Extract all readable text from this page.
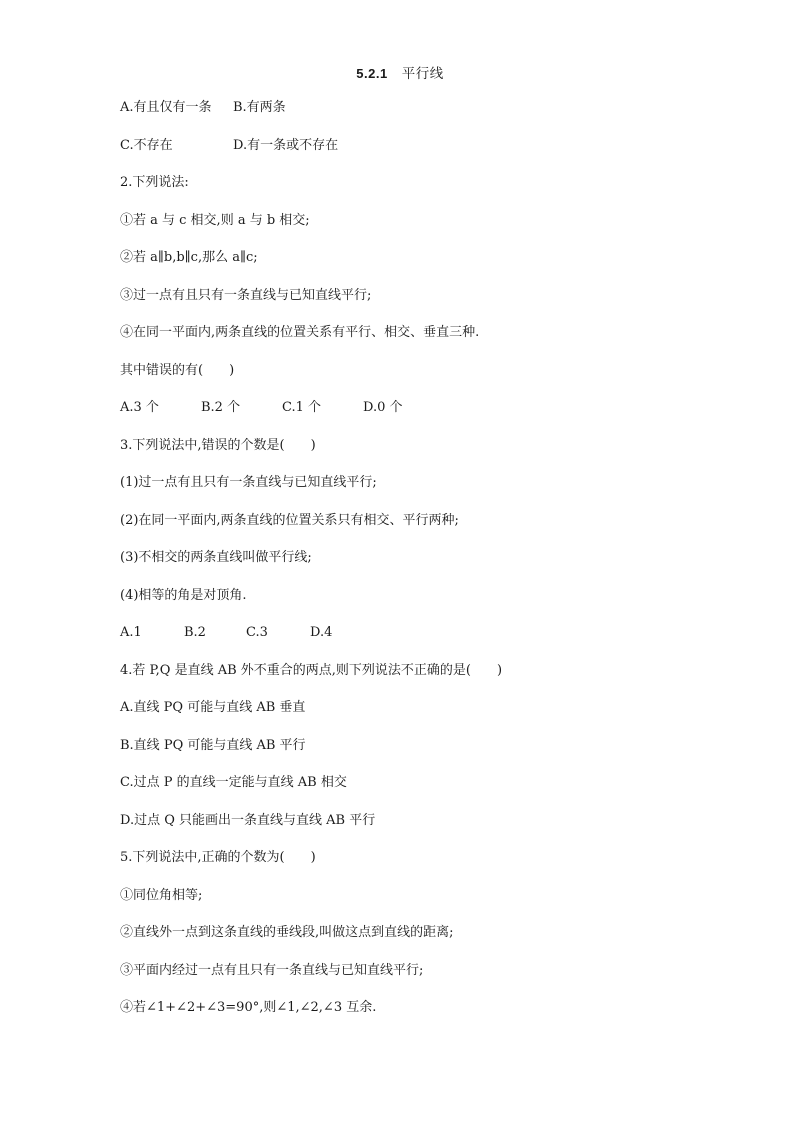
5.2.1 平行线
A.有且仅有一条 B.有两条
C.不存在	D.有一条或不存在
2.下列说法:
①若 a 与 c 相交,则 a 与 b 相交;
②若 a∥b,b∥c,那么 a∥c;
③过一点有且只有一条直线与已知直线平行;
④在同一平面内,两条直线的位置关系有平行、相交、垂直三种.
其中错误的有(　　)
A.3 个	B.2 个	C.1 个	D.0 个
3.下列说法中,错误的个数是(　　)
(1)过一点有且只有一条直线与已知直线平行;
(2)在同一平面内,两条直线的位置关系只有相交、平行两种;
(3)不相交的两条直线叫做平行线;
(4)相等的角是对顶角.
A.1	B.2	C.3	D.4
4.若 P,Q 是直线 AB 外不重合的两点,则下列说法不正确的是(　　)
A.直线 PQ 可能与直线 AB 垂直
B.直线 PQ 可能与直线 AB 平行
C.过点 P 的直线一定能与直线 AB 相交
D.过点 Q 只能画出一条直线与直线 AB 平行
5.下列说法中,正确的个数为(　　)
①同位角相等;
②直线外一点到这条直线的垂线段,叫做这点到直线的距离;
③平面内经过一点有且只有一条直线与已知直线平行;
④若∠1+∠2+∠3=90°,则∠1,∠2,∠3 互余.
